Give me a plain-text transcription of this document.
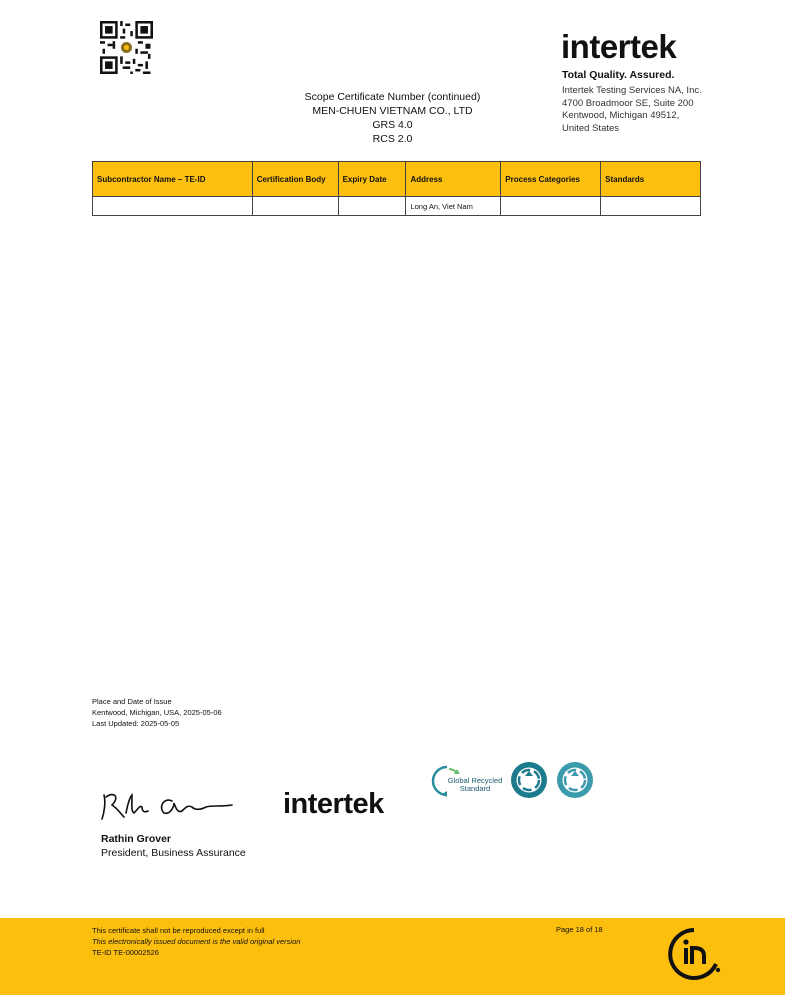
intertek
Total Quality. Assured.
Intertek Testing Services NA, Inc.
4700 Broadmoor SE, Suite 200
Kentwood, Michigan 49512,
United States
Scope Certificate Number (continued)
MEN-CHUEN VIETNAM CO., LTD
GRS 4.0
RCS 2.0
Subcontractor Name – TE-ID	Certification Body	Expiry Date	Address	Process Categories	Standards
			Long An, Viet Nam		
Place and Date of Issue
Kentwood, Michigan, USA, 2025-05-06
Last Updated: 2025-05-05
Rathin Grover
President, Business Assurance
intertek
Global Recycled
Standard
This certificate shall not be reproduced except in full
This electronically issued document is the valid original version
TE-ID TE-00002526
Page 18 of 18
